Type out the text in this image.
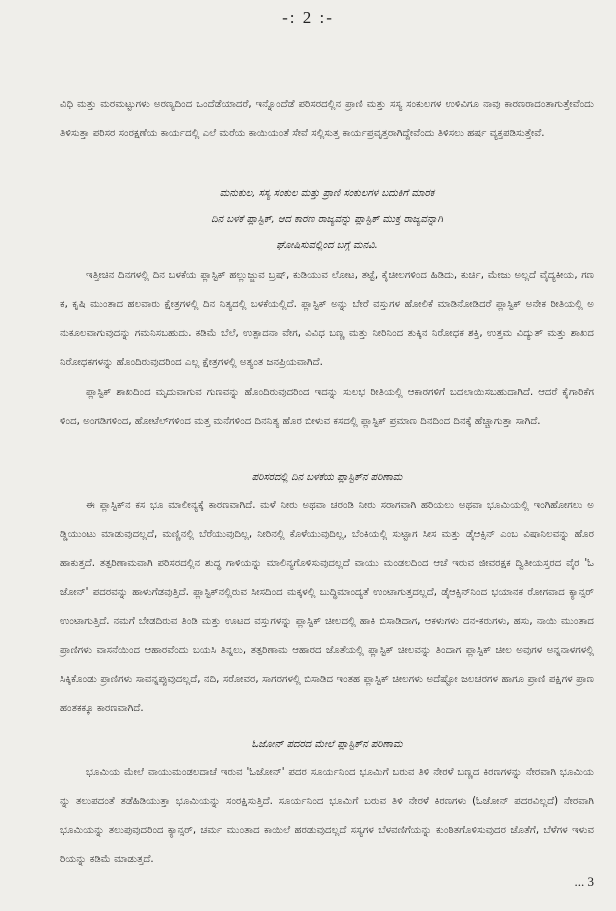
-: 2 :-

ವಿಧಿ ಮತ್ತು ಮರಮಟ್ಟುಗಳು ಅರಣ್ಯದಿಂದ ಒಂದೆಡೆಯಾದರೆ, ಇನ್ನೊಂದೆಡೆ ಪರಿಸರದಲ್ಲಿನ ಪ್ರಾಣಿ ಮತ್ತು ಸಸ್ಯ ಸಂಕುಲಗಳ ಉಳಿವಿಗೂ ನಾವು ಕಾರಣರಾದಂತಾಗುತ್ತೇವೆಂದು ತಿಳಿಸುತ್ತಾ ಪರಿಸರ ಸಂರಕ್ಷಣೆಯ ಕಾರ್ಯದಲ್ಲಿ ಎಲೆ ಮರೆಯ ಕಾಯಿಯಂತೆ ಸೇವೆ ಸಲ್ಲಿಸುತ್ತ ಕಾರ್ಯಪ್ರವೃತ್ತರಾಗಿದ್ದೇವೆಂದು ತಿಳಿಸಲು ಹರ್ಷ ವ್ಯಕ್ತಪಡಿಸುತ್ತೇವೆ.

ಮನುಕುಲ, ಸಸ್ಯ ಸಂಕುಲ ಮತ್ತು ಪ್ರಾಣಿ ಸಂಕುಲಗಳ ಬದುಕಿಗೆ ಮಾರಕ
ದಿನ ಬಳಕೆ ಪ್ಲಾಸ್ಟಿಕ್, ಆದ ಕಾರಣ ರಾಜ್ಯವನ್ನು ಪ್ಲಾಸ್ಟಿಕ್ ಮುಕ್ತ ರಾಜ್ಯವನ್ನಾಗಿ
ಘೋಷಿಸುವಲ್ಲಿಂದ ಬಗ್ಗೆ ಮನವಿ.

ಇತ್ತೀಚಿನ ದಿನಗಳಲ್ಲಿ ದಿನ ಬಳಕೆಯ ಪ್ಲಾಸ್ಟಿಕ್ ಹಲ್ಲುಜ್ಜುವ ಬ್ರಷ್, ಕುಡಿಯುವ ಲೋಟ, ತಟ್ಟೆ, ಕೈಚೀಲಗಳಿಂದ ಹಿಡಿದು, ಕುರ್ಚಿ, ಮೇಜು ಅಲ್ಲದೆ ವೈದ್ಯಕೀಯ, ಗಣಕ, ಕೃಷಿ ಮುಂತಾದ ಹಲವಾರು ಕ್ಷೇತ್ರಗಳಲ್ಲಿ ದಿನ ನಿತ್ಯದಲ್ಲಿ ಬಳಕೆಯಲ್ಲಿದೆ. ಪ್ಲಾಸ್ಟಿಕ್ ಅನ್ನು ಬೇರೆ ವಸ್ತುಗಳ ಹೋಲಿಕೆ ಮಾಡಿನೋಡಿದರೆ ಪ್ಲಾಸ್ಟಿಕ್ ಅನೇಕ ರೀತಿಯಲ್ಲಿ ಅನುಕೂಲವಾಗುವುದನ್ನು ಗಮನಿಸಬಹುದು. ಕಡಿಮೆ ಬೆಲೆ, ಉತ್ಪಾದನಾ ವೇಗ, ವಿವಿಧ ಬಣ್ಣ ಮತ್ತು ನೀರಿನಿಂದ ತುಕ್ಕಿನ ನಿರೋಧಕ ಶಕ್ತಿ, ಉತ್ತಮ ವಿದ್ಯುತ್ ಮತ್ತು ಶಾಖದ ನಿರೋಧಕಗಳನ್ನು ಹೊಂದಿರುವುದರಿಂದ ಎಲ್ಲ ಕ್ಷೇತ್ರಗಳಲ್ಲಿ ಅತ್ಯಂತ ಜನಪ್ರಿಯವಾಗಿದೆ.

ಪ್ಲಾಸ್ಟಿಕ್ ಶಾಖದಿಂದ ಮೃದುವಾಗುವ ಗುಣವನ್ನು ಹೊಂದಿರುವುದರಿಂದ ಇದನ್ನು ಸುಲಭ ರೀತಿಯಲ್ಲಿ ಆಕಾರಗಳಿಗೆ ಬದಲಾಯಿಸಬಹುದಾಗಿದೆ. ಆದರೆ ಕೈಗಾರಿಕೆಗಳಿಂದ, ಅಂಗಡಿಗಳಿಂದ, ಹೋಟೆಲ್‌ಗಳಿಂದ ಮತ್ತ ಮನೆಗಳಿಂದ ದಿನನಿತ್ಯ ಹೊರ ಬೀಳುವ ಕಸದಲ್ಲಿ ಪ್ಲಾಸ್ಟಿಕ್ ಪ್ರಮಾಣ ದಿನದಿಂದ ದಿನಕ್ಕೆ ಹೆಚ್ಚಾಗುತ್ತಾ ಸಾಗಿದೆ.

ಪರಿಸರದಲ್ಲಿ ದಿನ ಬಳಕೆಯ ಪ್ಲಾಸ್ಟಿಕ್‌ನ ಪರಿಣಾಮ

ಈ ಪ್ಲಾಸ್ಟಿಕ್‌ನ ಕಸ ಭೂ ಮಾಲೀನ್ಯಕ್ಕೆ ಕಾರಣವಾಗಿದೆ. ಮಳೆ ನೀರು ಅಥವಾ ಚರಂಡಿ ನೀರು ಸರಾಗವಾಗಿ ಹರಿಯಲು ಅಥವಾ ಭೂಮಿಯಲ್ಲಿ ಇಂಗಿಹೋಗಲು ಅಡ್ಡಿಯುಂಟು ಮಾಡುವುದಲ್ಲದೆ, ಮಣ್ಣಿನಲ್ಲಿ ಬೆರೆಯುವುದಿಲ್ಲ, ನೀರಿನಲ್ಲಿ ಕೊಳೆಯುವುದಿಲ್ಲ, ಬೆಂಕಿಯಲ್ಲಿ ಸುಟ್ಟಾಗ ಸೀಸ ಮತ್ತು ಡೈಆಕ್ಸಿನ್ ಎಂಬ ವಿಷಾನಿಲವನ್ನು ಹೊರ ಹಾಕುತ್ತದೆ. ತತ್ಪರಿಣಾಮವಾಗಿ ಪರಿಸರದಲ್ಲಿನ ಶುದ್ಧ ಗಾಳಿಯನ್ನು ಮಾಲಿನ್ಯಗೊಳಿಸುವುದಲ್ಲದೆ ವಾಯು ಮಂಡಲದಿಂದ ಆಚೆ ಇರುವ ಜೀವರಕ್ಷಕ ದ್ವಿತೀಯಸ್ತರದ ವೈರ 'ಓಜೋನ್' ಪದರವನ್ನು ಹಾಳುಗೆಡವುತ್ತಿದೆ. ಪ್ಲಾಸ್ಟಿಕ್‌ನಲ್ಲಿರುವ ಸೀಸದಿಂದ ಮಕ್ಕಳಲ್ಲಿ ಬುದ್ಧಿಮಾಂದ್ಯತೆ ಉಂಟಾಗುತ್ತದಲ್ಲದೆ, ಡೈಆಕ್ಸಿನ್‌ನಿಂದ ಭಯಾನಕ ರೋಗವಾದ ಕ್ಯಾನ್ಸರ್ ಉಂಟಾಗುತ್ತಿದೆ. ನಮಗೆ ಬೇಡದಿರುವ ತಿಂಡಿ ಮತ್ತು ಊಟದ ವಸ್ತುಗಳನ್ನು ಪ್ಲಾಸ್ಟಿಕ್ ಚೀಲದಲ್ಲಿ ಹಾಕಿ ಬಿಸಾಡಿದಾಗ, ಆಕಳುಗಳು ದನ-ಕರುಗಳು, ಹಸು, ನಾಯಿ ಮುಂತಾದ ಪ್ರಾಣಿಗಳು ವಾಸನೆಯಿಂದ ಆಹಾರವೆಂದು ಬಯಸಿ ತಿನ್ನಲು, ತತ್ಪರಿಣಾಮ ಆಹಾರದ ಜೊತೆಯಲ್ಲಿ ಪ್ಲಾಸ್ಟಿಕ್ ಚೀಲವನ್ನು ತಿಂದಾಗ ಪ್ಲಾಸ್ಟಿಕ್ ಚೀಲ ಅವುಗಳ ಅನ್ನನಾಳಗಳಲ್ಲಿ ಸಿಕ್ಕಿಕೊಂಡು ಪ್ರಾಣಿಗಳು ಸಾವನ್ನಪ್ಪುವುದಲ್ಲದೆ, ನದಿ, ಸರೋವರ, ಸಾಗರಗಳಲ್ಲಿ ಬಿಸಾಡಿದ ಇಂತಹ ಪ್ಲಾಸ್ಟಿಕ್ ಚೀಲಗಳು ಅದೆಷ್ಟೋ ಜಲಚರಗಳ ಹಾಗೂ ಪ್ರಾಣಿ ಪಕ್ಷಿಗಳ ಪ್ರಾಣಹಂತಕಕ್ಕೂ ಕಾರಣವಾಗಿದೆ.

ಓಜೋನ್ ಪದರದ ಮೇಲೆ ಪ್ಲಾಸ್ಟಿಕ್‌ನ ಪರಿಣಾಮ

ಭೂಮಿಯ ಮೇಲೆ ವಾಯುಮಂಡಲದಾಚೆ ಇರುವ 'ಓಜೋನ್' ಪದರ ಸೂರ್ಯನಿಂದ ಭೂಮಿಗೆ ಬರುವ ತಿಳಿ ನೇರಳೆ ಬಣ್ಣದ ಕಿರಣಗಳನ್ನು ನೇರವಾಗಿ ಭೂಮಿಯನ್ನು ತಲುಪದಂತೆ ತಡೆಹಿಡಿಯುತ್ತಾ ಭೂಮಿಯನ್ನು ಸಂರಕ್ಷಿಸುತ್ತಿದೆ. ಸೂರ್ಯನಿಂದ ಭೂಮಿಗೆ ಬರುವ ತಿಳಿ ನೇರಳೆ ಕಿರಣಗಳು (ಓಜೋನ್ ಪದರವಿಲ್ಲದೆ) ನೇರವಾಗಿ ಭೂಮಿಯನ್ನು ತಲುಪುವುದರಿಂದ ಕ್ಯಾನ್ಸರ್, ಚರ್ಮ ಮುಂತಾದ ಕಾಯಿಲೆ ಹರಡುವುದಲ್ಲದೆ ಸಸ್ಯಗಳ ಬೆಳವಣಿಗೆಯನ್ನು ಕುಂಠಿತಗೊಳಿಸುವುದರ ಜೊತೆಗೆ, ಬೆಳೆಗಳ ಇಳುವರಿಯನ್ನು ಕಡಿಮೆ ಮಾಡುತ್ತದೆ.

... 3
